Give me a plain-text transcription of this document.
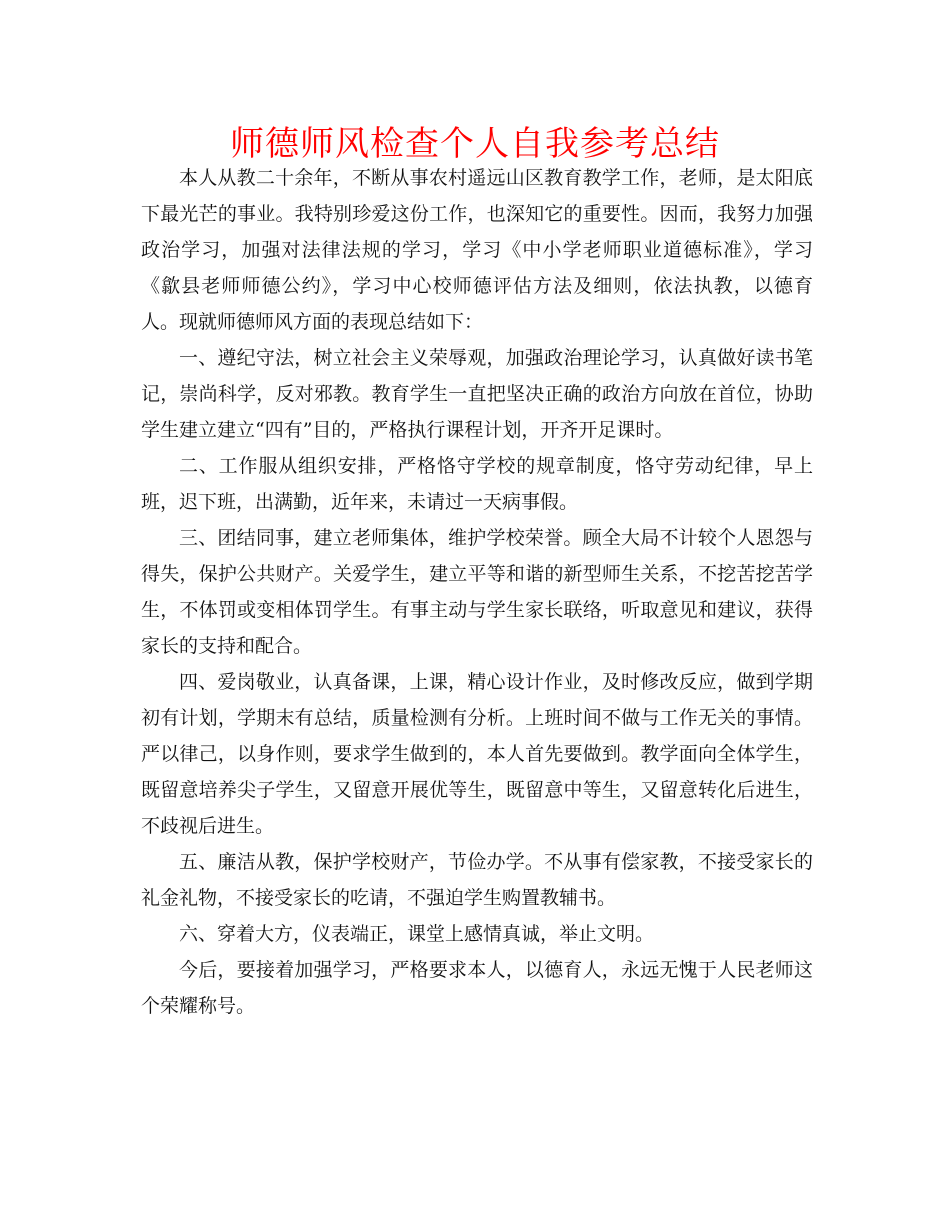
师德师风检查个人自我参考总结

本人从教二十余年，不断从事农村遥远山区教育教学工作，老师，是太阳底下最光芒的事业。我特别珍爱这份工作，也深知它的重要性。因而，我努力加强政治学习，加强对法律法规的学习，学习《中小学老师职业道德标准》，学习《歙县老师师德公约》，学习中心校师德评估方法及细则，依法执教，以德育人。现就师德师风方面的表现总结如下：

一、遵纪守法，树立社会主义荣辱观，加强政治理论学习，认真做好读书笔记，崇尚科学，反对邪教。教育学生一直把坚决正确的政治方向放在首位，协助学生建立建立“四有”目的，严格执行课程计划，开齐开足课时。

二、工作服从组织安排，严格恪守学校的规章制度，恪守劳动纪律，早上班，迟下班，出满勤，近年来，未请过一天病事假。

三、团结同事，建立老师集体，维护学校荣誉。顾全大局不计较个人恩怨与得失，保护公共财产。关爱学生，建立平等和谐的新型师生关系，不挖苦挖苦学生，不体罚或变相体罚学生。有事主动与学生家长联络，听取意见和建议，获得家长的支持和配合。

四、爱岗敬业，认真备课，上课，精心设计作业，及时修改反应，做到学期初有计划，学期末有总结，质量检测有分析。上班时间不做与工作无关的事情。严以律己，以身作则，要求学生做到的，本人首先要做到。教学面向全体学生，既留意培养尖子学生，又留意开展优等生，既留意中等生，又留意转化后进生，不歧视后进生。

五、廉洁从教，保护学校财产，节俭办学。不从事有偿家教，不接受家长的礼金礼物，不接受家长的吃请，不强迫学生购置教辅书。

六、穿着大方，仪表端正，课堂上感情真诚，举止文明。

今后，要接着加强学习，严格要求本人，以德育人，永远无愧于人民老师这个荣耀称号。
